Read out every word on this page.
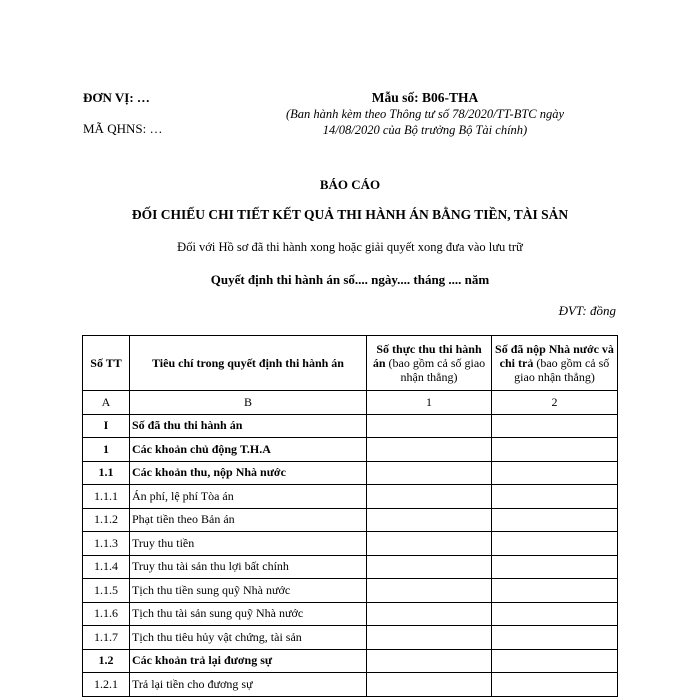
ĐƠN VỊ: …
MÃ QHNS: …
Mẫu số: B06-THA
(Ban hành kèm theo Thông tư số 78/2020/TT-BTC ngày 14/08/2020 của Bộ trưởng Bộ Tài chính)
BÁO CÁO
ĐỐI CHIẾU CHI TIẾT KẾT QUẢ THI HÀNH ÁN BẰNG TIỀN, TÀI SẢN
Đối với Hồ sơ đã thi hành xong hoặc giải quyết xong đưa vào lưu trữ
Quyết định thi hành án số.... ngày.... tháng .... năm
ĐVT: đồng
Số TT	Tiêu chí trong quyết định thi hành án	Số thực thu thi hành án (bao gồm cả số giao nhận thẳng)	Số đã nộp Nhà nước và chi trả (bao gồm cả số giao nhận thẳng)
A	B	1	2
I	Số đã thu thi hành án		
1	Các khoản chủ động T.H.A		
1.1	Các khoản thu, nộp Nhà nước		
1.1.1	Án phí, lệ phí Tòa án		
1.1.2	Phạt tiền theo Bản án		
1.1.3	Truy thu tiền		
1.1.4	Truy thu tài sản thu lợi bất chính		
1.1.5	Tịch thu tiền sung quỹ Nhà nước		
1.1.6	Tịch thu tài sản sung quỹ Nhà nước		
1.1.7	Tịch thu tiêu hủy vật chứng, tài sản		
1.2	Các khoản trả lại đương sự		
1.2.1	Trả lại tiền cho đương sự		
